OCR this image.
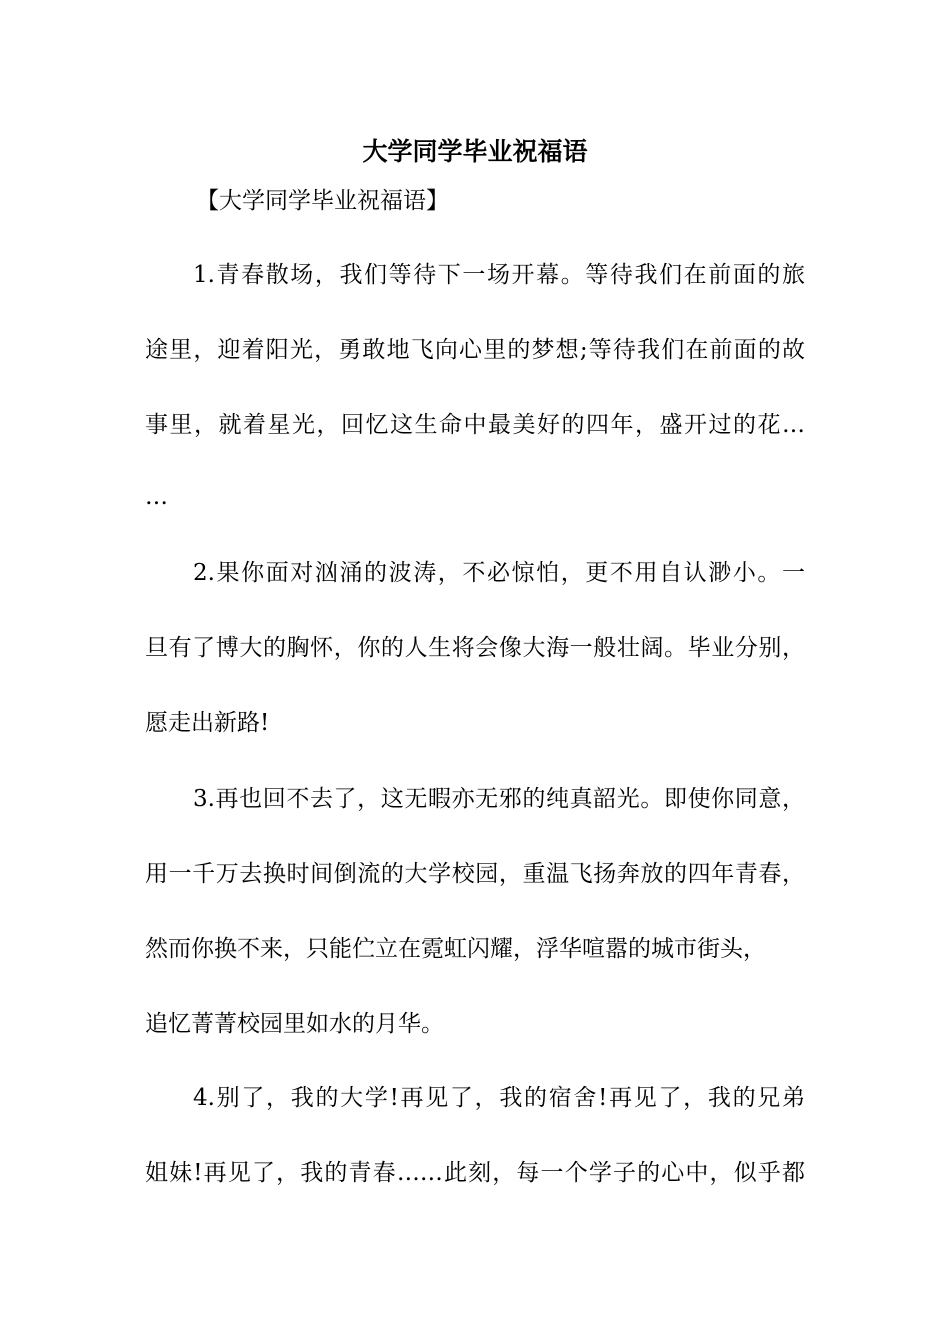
大学同学毕业祝福语
【大学同学毕业祝福语】
1.青春散场，我们等待下一场开幕。等待我们在前面的旅
途里，迎着阳光，勇敢地飞向心里的梦想;等待我们在前面的故
事里，就着星光，回忆这生命中最美好的四年，盛开过的花…
…
2.果你面对汹涌的波涛，不必惊怕，更不用自认渺小。一
旦有了博大的胸怀，你的人生将会像大海一般壮阔。毕业分别，
愿走出新路!
3.再也回不去了，这无暇亦无邪的纯真韶光。即使你同意，
用一千万去换时间倒流的大学校园，重温飞扬奔放的四年青春，
然而你换不来，只能伫立在霓虹闪耀，浮华喧嚣的城市街头，
追忆菁菁校园里如水的月华。
4.别了，我的大学!再见了，我的宿舍!再见了，我的兄弟
姐妹!再见了，我的青春……此刻，每一个学子的心中，似乎都
